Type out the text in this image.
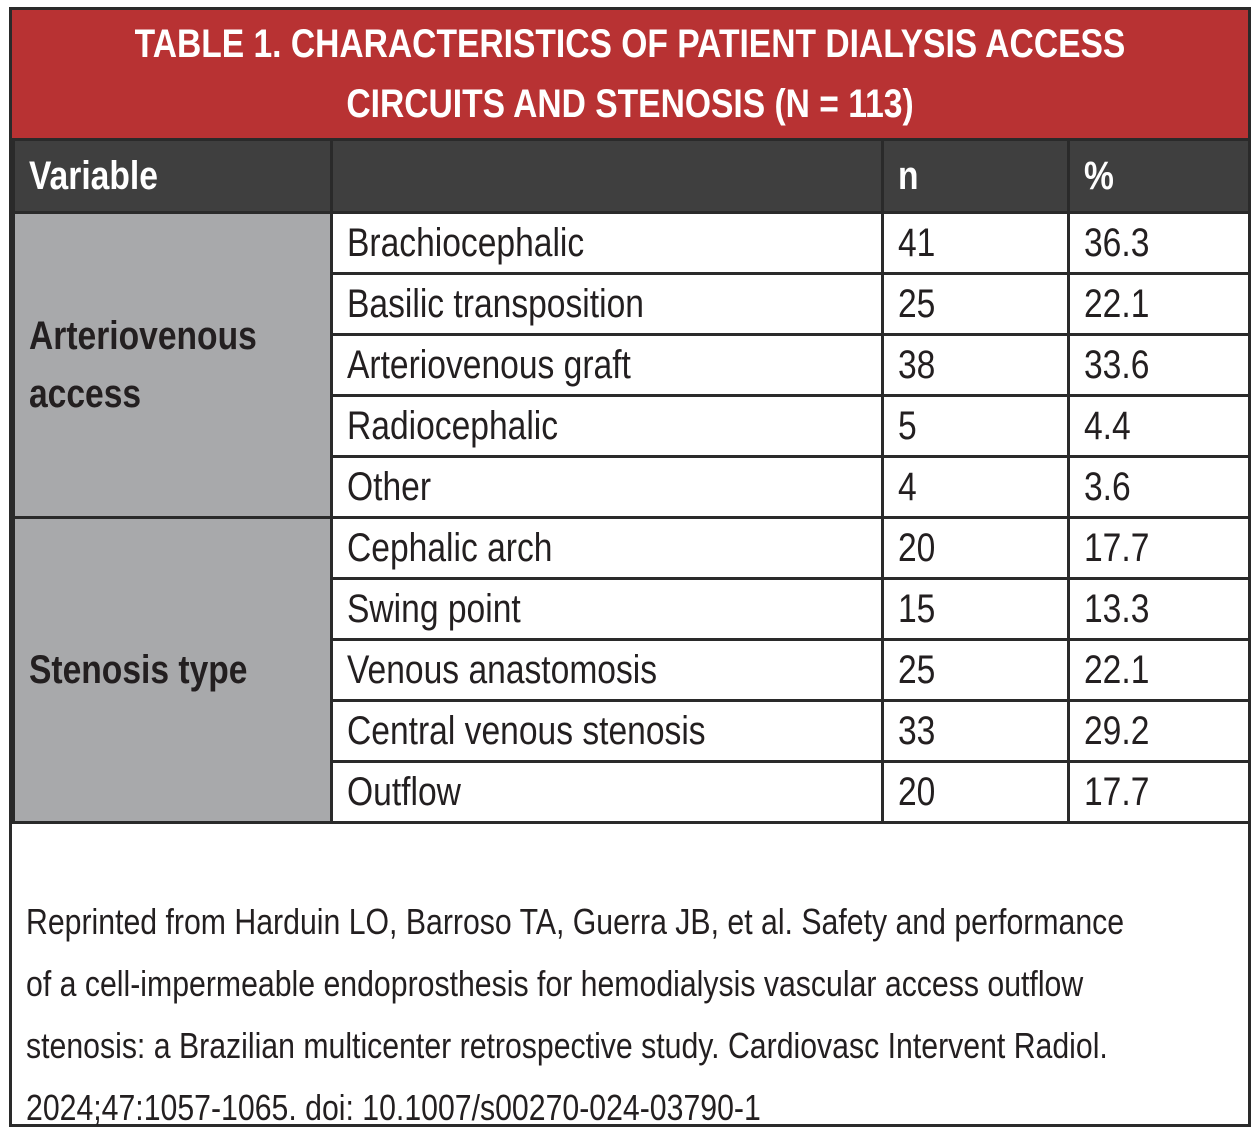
TABLE 1. CHARACTERISTICS OF PATIENT DIALYSIS ACCESS
CIRCUITS AND STENOSIS (N = 113)
Variable		n	%
Arteriovenous access	Brachiocephalic	41	36.3
	Basilic transposition	25	22.1
	Arteriovenous graft	38	33.6
	Radiocephalic	5	4.4
	Other	4	3.6
Stenosis type	Cephalic arch	20	17.7
	Swing point	15	13.3
	Venous anastomosis	25	22.1
	Central venous stenosis	33	29.2
	Outflow	20	17.7
Reprinted from Harduin LO, Barroso TA, Guerra JB, et al. Safety and performance
of a cell-impermeable endoprosthesis for hemodialysis vascular access outflow
stenosis: a Brazilian multicenter retrospective study. Cardiovasc Intervent Radiol.
2024;47:1057-1065. doi: 10.1007/s00270-024-03790-1
